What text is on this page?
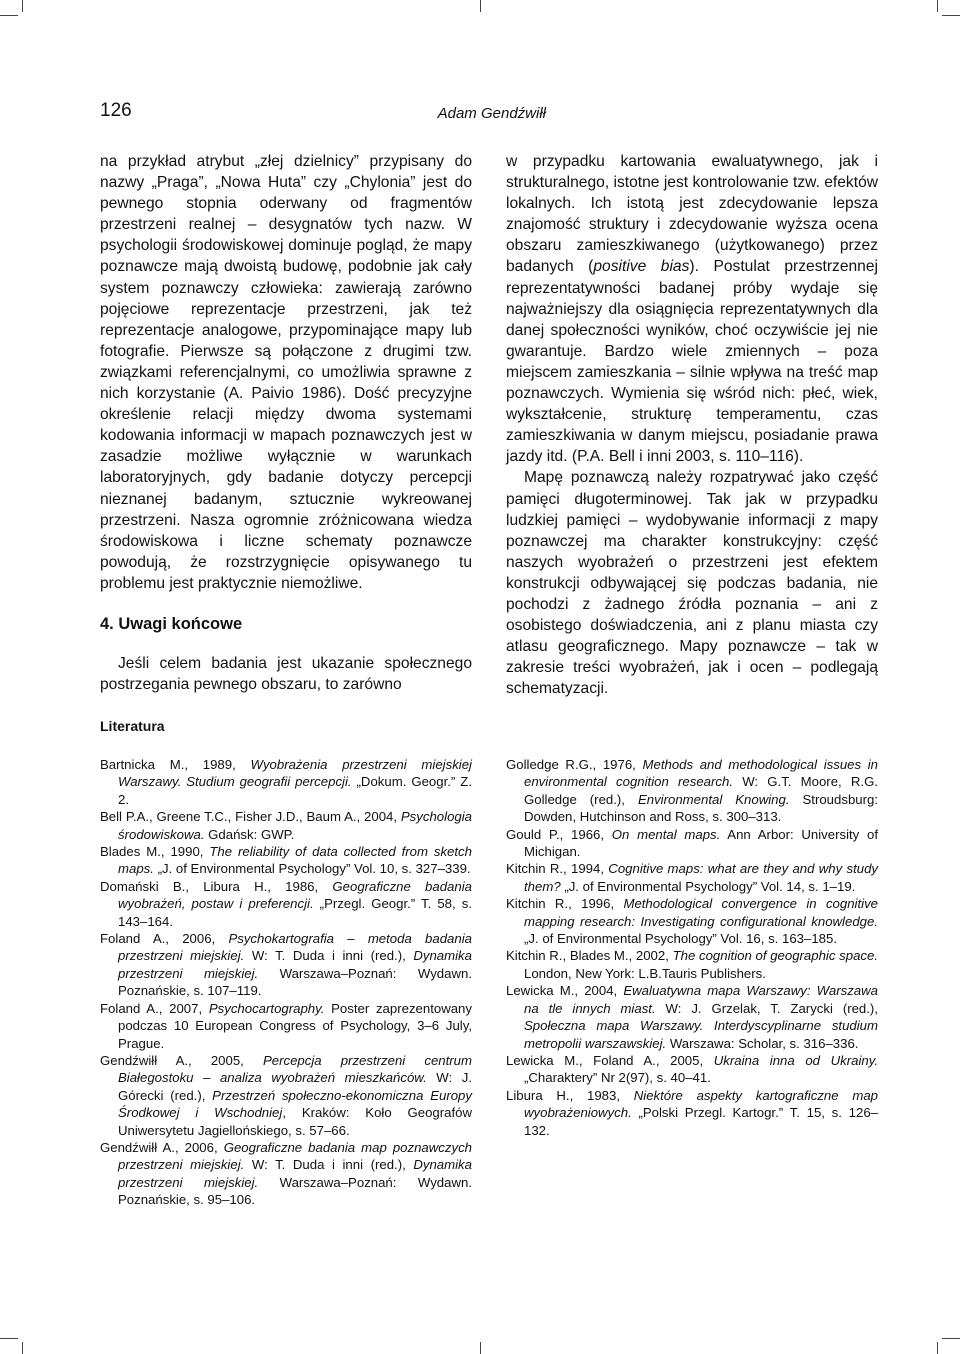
126	Adam Gendźwiłł

na przykład atrybut „złej dzielnicy” przypisany do nazwy „Praga”, „Nowa Huta” czy „Chylonia” jest do pewnego stopnia oderwany od fragmentów przestrzeni realnej – desygnatów tych nazw. W psychologii środowiskowej dominuje pogląd, że mapy poznawcze mają dwoistą budowę, podobnie jak cały system poznawczy człowieka: zawierają zarówno pojęciowe reprezentacje przestrzeni, jak też reprezentacje analogowe, przypominające mapy lub fotografie. Pierwsze są połączone z drugimi tzw. związkami referencjalnymi, co umożliwia sprawne z nich korzystanie (A. Paivio 1986). Dość precyzyjne określenie relacji między dwoma systemami kodowania informacji w mapach poznawczych jest w zasadzie możliwe wyłącznie w warunkach laboratoryjnych, gdy badanie dotyczy percepcji nieznanej badanym, sztucznie wykreowanej przestrzeni. Nasza ogromnie zróżnicowana wiedza środowiskowa i liczne schematy poznawcze powodują, że rozstrzygnięcie opisywanego tu problemu jest praktycznie niemożliwe.

4. Uwagi końcowe

Jeśli celem badania jest ukazanie społecznego postrzegania pewnego obszaru, to zarówno

w przypadku kartowania ewaluatywnego, jak i strukturalnego, istotne jest kontrolowanie tzw. efektów lokalnych. Ich istotą jest zdecydowanie lepsza znajomość struktury i zdecydowanie wyższa ocena obszaru zamieszkiwanego (użytkowanego) przez badanych (positive bias). Postulat przestrzennej reprezentatywności badanej próby wydaje się najważniejszy dla osiągnięcia reprezentatywnych dla danej społeczności wyników, choć oczywiście jej nie gwarantuje. Bardzo wiele zmiennych – poza miejscem zamieszkania – silnie wpływa na treść map poznawczych. Wymienia się wśród nich: płeć, wiek, wykształcenie, strukturę temperamentu, czas zamieszkiwania w danym miejscu, posiadanie prawa jazdy itd. (P.A. Bell i inni 2003, s. 110–116).

Mapę poznawczą należy rozpatrywać jako część pamięci długoterminowej. Tak jak w przypadku ludzkiej pamięci – wydobywanie informacji z mapy poznawczej ma charakter konstrukcyjny: część naszych wyobrażeń o przestrzeni jest efektem konstrukcji odbywającej się podczas badania, nie pochodzi z żadnego źródła poznania – ani z osobistego doświadczenia, ani z planu miasta czy atlasu geograficznego. Mapy poznawcze – tak w zakresie treści wyobrażeń, jak i ocen – podlegają schematyzacji.

Literatura

Bartnicka M., 1989, Wyobrażenia przestrzeni miejskiej Warszawy. Studium geografii percepcji. „Dokum. Geogr.” Z. 2.

Bell P.A., Greene T.C., Fisher J.D., Baum A., 2004, Psychologia środowiskowa. Gdańsk: GWP.

Blades M., 1990, The reliability of data collected from sketch maps. „J. of Environmental Psychology” Vol. 10, s. 327–339.

Domański B., Libura H., 1986, Geograficzne badania wyobrażeń, postaw i preferencji. „Przegl. Geogr.” T. 58, s. 143–164.

Foland A., 2006, Psychokartografia – metoda badania przestrzeni miejskiej. W: T. Duda i inni (red.), Dynamika przestrzeni miejskiej. Warszawa–Poznań: Wydawn. Poznańskie, s. 107–119.

Foland A., 2007, Psychocartography. Poster zaprezentowany podczas 10 European Congress of Psychology, 3–6 July, Prague.

Gendźwiłł A., 2005, Percepcja przestrzeni centrum Białegostoku – analiza wyobrażeń mieszkańców. W: J. Górecki (red.), Przestrzeń społeczno-ekonomiczna Europy Środkowej i Wschodniej, Kraków: Koło Geografów Uniwersytetu Jagiellońskiego, s. 57–66.

Gendźwiłł A., 2006, Geograficzne badania map poznawczych przestrzeni miejskiej. W: T. Duda i inni (red.), Dynamika przestrzeni miejskiej. Warszawa–Poznań: Wydawn. Poznańskie, s. 95–106.

Golledge R.G., 1976, Methods and methodological issues in environmental cognition research. W: G.T. Moore, R.G. Golledge (red.), Environmental Knowing. Stroudsburg: Dowden, Hutchinson and Ross, s. 300–313.

Gould P., 1966, On mental maps. Ann Arbor: University of Michigan.

Kitchin R., 1994, Cognitive maps: what are they and why study them? „J. of Environmental Psychology” Vol. 14, s. 1–19.

Kitchin R., 1996, Methodological convergence in cognitive mapping research: Investigating configurational knowledge. „J. of Environmental Psychology” Vol. 16, s. 163–185.

Kitchin R., Blades M., 2002, The cognition of geographic space. London, New York: L.B.Tauris Publishers.

Lewicka M., 2004, Ewaluatywna mapa Warszawy: Warszawa na tle innych miast. W: J. Grzelak, T. Zarycki (red.), Społeczna mapa Warszawy. Interdyscyplinarne studium metropolii warszawskiej. Warszawa: Scholar, s. 316–336.

Lewicka M., Foland A., 2005, Ukraina inna od Ukrainy. „Charaktery” Nr 2(97), s. 40–41.

Libura H., 1983, Niektóre aspekty kartograficzne map wyobrażeniowych. „Polski Przegl. Kartogr.” T. 15, s. 126–132.
